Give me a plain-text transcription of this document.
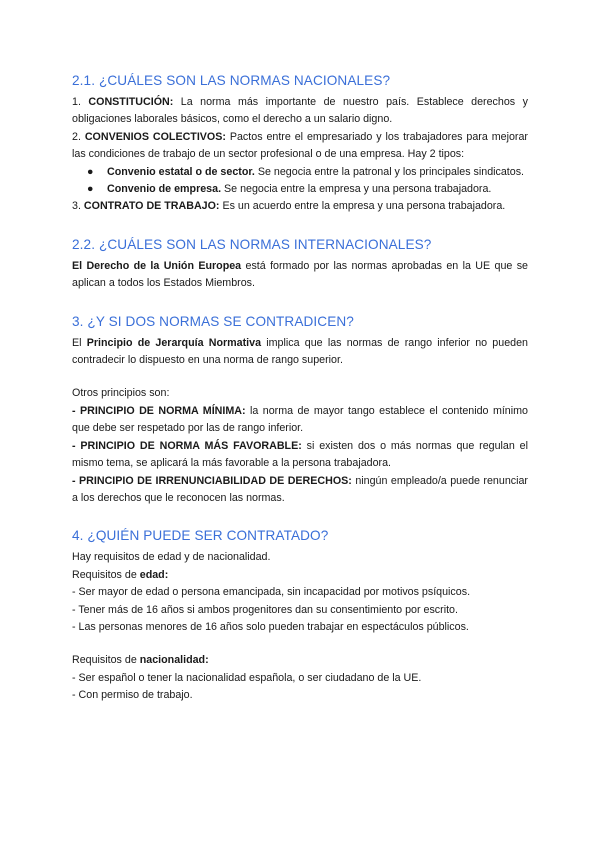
2.1. ¿CUÁLES SON LAS NORMAS NACIONALES?

1. CONSTITUCIÓN: La norma más importante de nuestro país. Establece derechos y obligaciones laborales básicos, como el derecho a un salario digno.

2. CONVENIOS COLECTIVOS: Pactos entre el empresariado y los trabajadores para mejorar las condiciones de trabajo de un sector profesional o de una empresa. Hay 2 tipos:

● Convenio estatal o de sector. Se negocia entre la patronal y los principales sindicatos.
● Convenio de empresa. Se negocia entre la empresa y una persona trabajadora.

3. CONTRATO DE TRABAJO: Es un acuerdo entre la empresa y una persona trabajadora.

2.2. ¿CUÁLES SON LAS NORMAS INTERNACIONALES?

El Derecho de la Unión Europea está formado por las normas aprobadas en la UE que se aplican a todos los Estados Miembros.

3. ¿Y SI DOS NORMAS SE CONTRADICEN?

El Principio de Jerarquía Normativa implica que las normas de rango inferior no pueden contradecir lo dispuesto en una norma de rango superior.

Otros principios son:

- PRINCIPIO DE NORMA MÍNIMA: la norma de mayor tango establece el contenido mínimo que debe ser respetado por las de rango inferior.

- PRINCIPIO DE NORMA MÁS FAVORABLE: si existen dos o más normas que regulan el mismo tema, se aplicará la más favorable a la persona trabajadora.

- PRINCIPIO DE IRRENUNCIABILIDAD DE DERECHOS: ningún empleado/a puede renunciar a los derechos que le reconocen las normas.

4. ¿QUIÉN PUEDE SER CONTRATADO?

Hay requisitos de edad y de nacionalidad.

Requisitos de edad:

- Ser mayor de edad o persona emancipada, sin incapacidad por motivos psíquicos.

- Tener más de 16 años si ambos progenitores dan su consentimiento por escrito.

- Las personas menores de 16 años solo pueden trabajar en espectáculos públicos.

Requisitos de nacionalidad:

- Ser español o tener la nacionalidad española, o ser ciudadano de la UE.

- Con permiso de trabajo.
